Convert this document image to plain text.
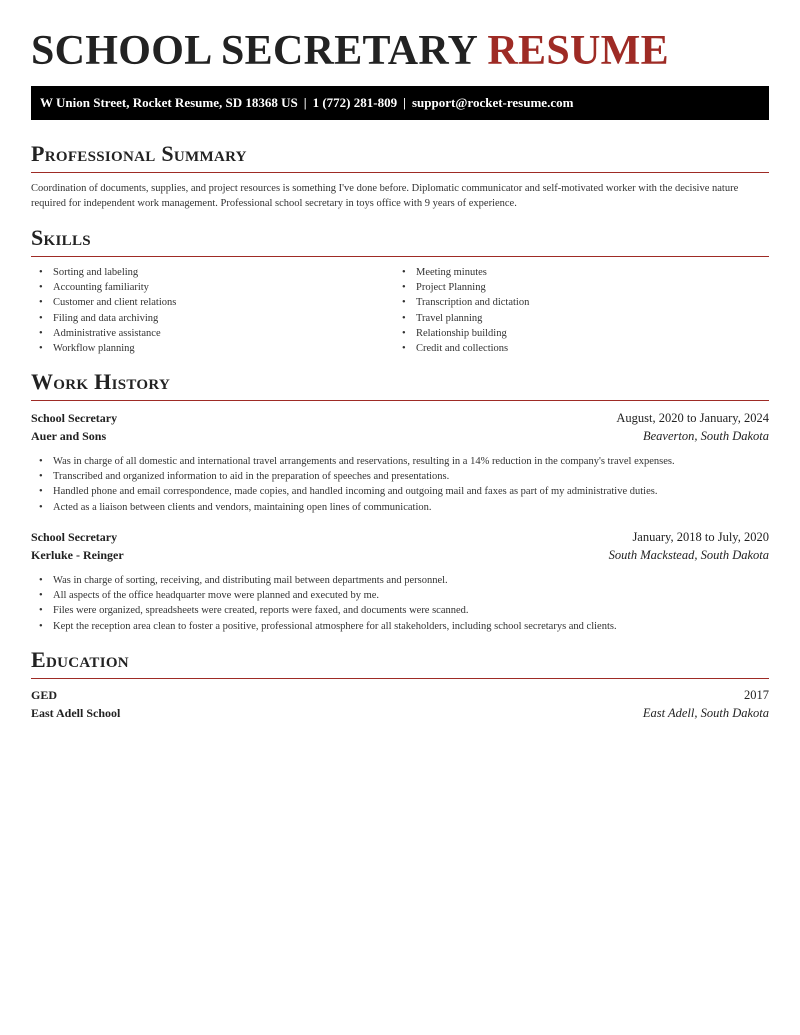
SCHOOL SECRETARY RESUME
W Union Street, Rocket Resume, SD 18368 US | 1 (772) 281-809 | support@rocket-resume.com
Professional Summary

Coordination of documents, supplies, and project resources is something I've done before. Diplomatic communicator and self-motivated worker with the decisive nature required for independent work management. Professional school secretary in toys office with 9 years of experience.

Skills
• Sorting and labeling
• Accounting familiarity
• Customer and client relations
• Filing and data archiving
• Administrative assistance
• Workflow planning
• Meeting minutes
• Project Planning
• Transcription and dictation
• Travel planning
• Relationship building
• Credit and collections
Work History
School Secretary	August, 2020 to January, 2024
Auer and Sons	Beaverton, South Dakota
• Was in charge of all domestic and international travel arrangements and reservations, resulting in a 14% reduction in the company's travel expenses.
• Transcribed and organized information to aid in the preparation of speeches and presentations.
• Handled phone and email correspondence, made copies, and handled incoming and outgoing mail and faxes as part of my administrative duties.
• Acted as a liaison between clients and vendors, maintaining open lines of communication.
School Secretary	January, 2018 to July, 2020
Kerluke - Reinger	South Mackstead, South Dakota
• Was in charge of sorting, receiving, and distributing mail between departments and personnel.
• All aspects of the office headquarter move were planned and executed by me.
• Files were organized, spreadsheets were created, reports were faxed, and documents were scanned.
• Kept the reception area clean to foster a positive, professional atmosphere for all stakeholders, including school secretarys and clients.
Education
GED	2017
East Adell School	East Adell, South Dakota
